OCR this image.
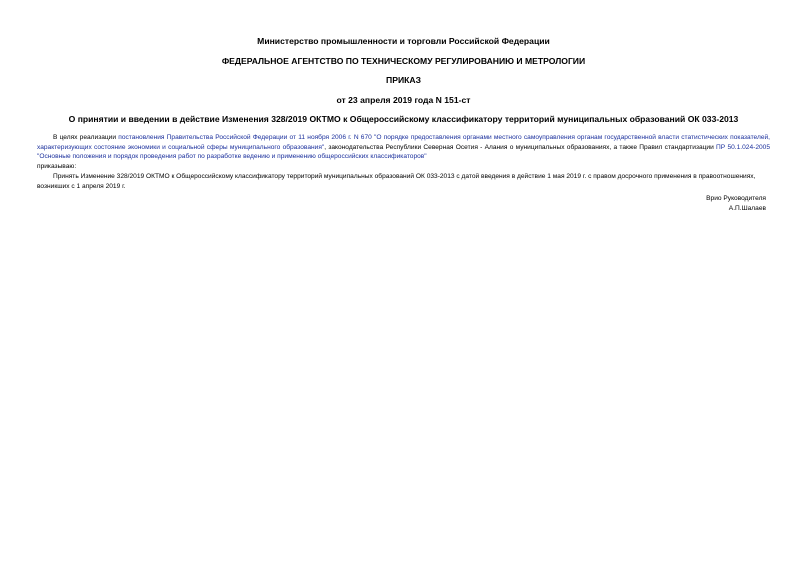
Министерство промышленности и торговли Российской Федерации
ФЕДЕРАЛЬНОЕ АГЕНТСТВО ПО ТЕХНИЧЕСКОМУ РЕГУЛИРОВАНИЮ И МЕТРОЛОГИИ
ПРИКАЗ
от 23 апреля 2019 года N 151-ст
О принятии и введении в действие Изменения 328/2019 ОКТМО к Общероссийскому классификатору территорий муниципальных образований ОК 033-2013
В целях реализации постановления Правительства Российской Федерации от 11 ноября 2006 г. N 670 "О порядке предоставления органами местного самоуправления органам государственной власти статистических показателей, характеризующих состояние экономики и социальной сферы муниципального образования", законодательства Республики Северная Осетия - Алания о муниципальных образованиях, а также Правил стандартизации ПР 50.1.024-2005 "Основные положения и порядок проведения работ по разработке ведению и применению общероссийских классификаторов"
приказываю:
Принять Изменение 328/2019 ОКТМО к Общероссийскому классификатору территорий муниципальных образований ОК 033-2013 с датой введения в действие 1 мая 2019 г. с правом досрочного применения в правоотношениях, возникших с 1 апреля 2019 г.
Врио Руководителя
А.П.Шалаев
